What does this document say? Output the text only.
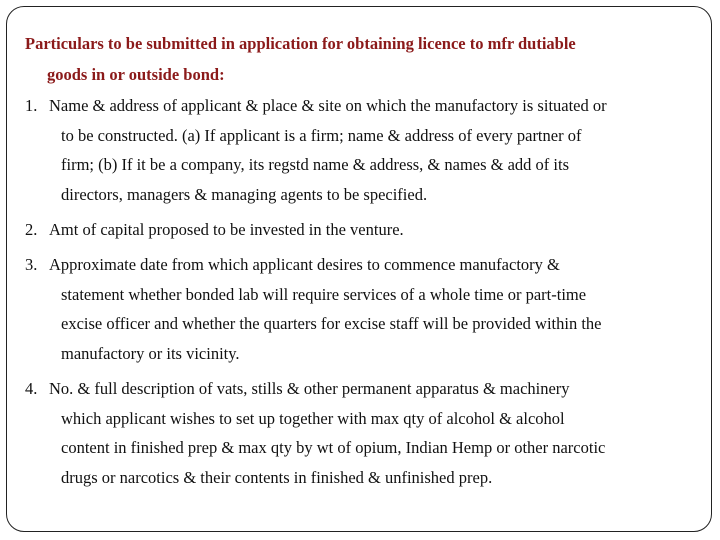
Particulars to be submitted in application for obtaining licence to mfr dutiable
goods in or outside bond:

1. Name & address of applicant & place & site on which the manufactory is situated or
to be constructed. (a) If applicant is a firm; name & address of every partner of
firm; (b) If it be a company, its regstd name & address, & names & add of its
directors, managers & managing agents to be specified.

2. Amt of capital proposed to be invested in the venture.

3. Approximate date from which applicant desires to commence manufactory &
statement whether bonded lab will require services of a whole time or part-time
excise officer and whether the quarters for excise staff will be provided within the
manufactory or its vicinity.

4. No. & full description of vats, stills & other permanent apparatus & machinery
which applicant wishes to set up together with max qty of alcohol & alcohol
content in finished prep & max qty by wt of opium, Indian Hemp or other narcotic
drugs or narcotics & their contents in finished & unfinished prep.
